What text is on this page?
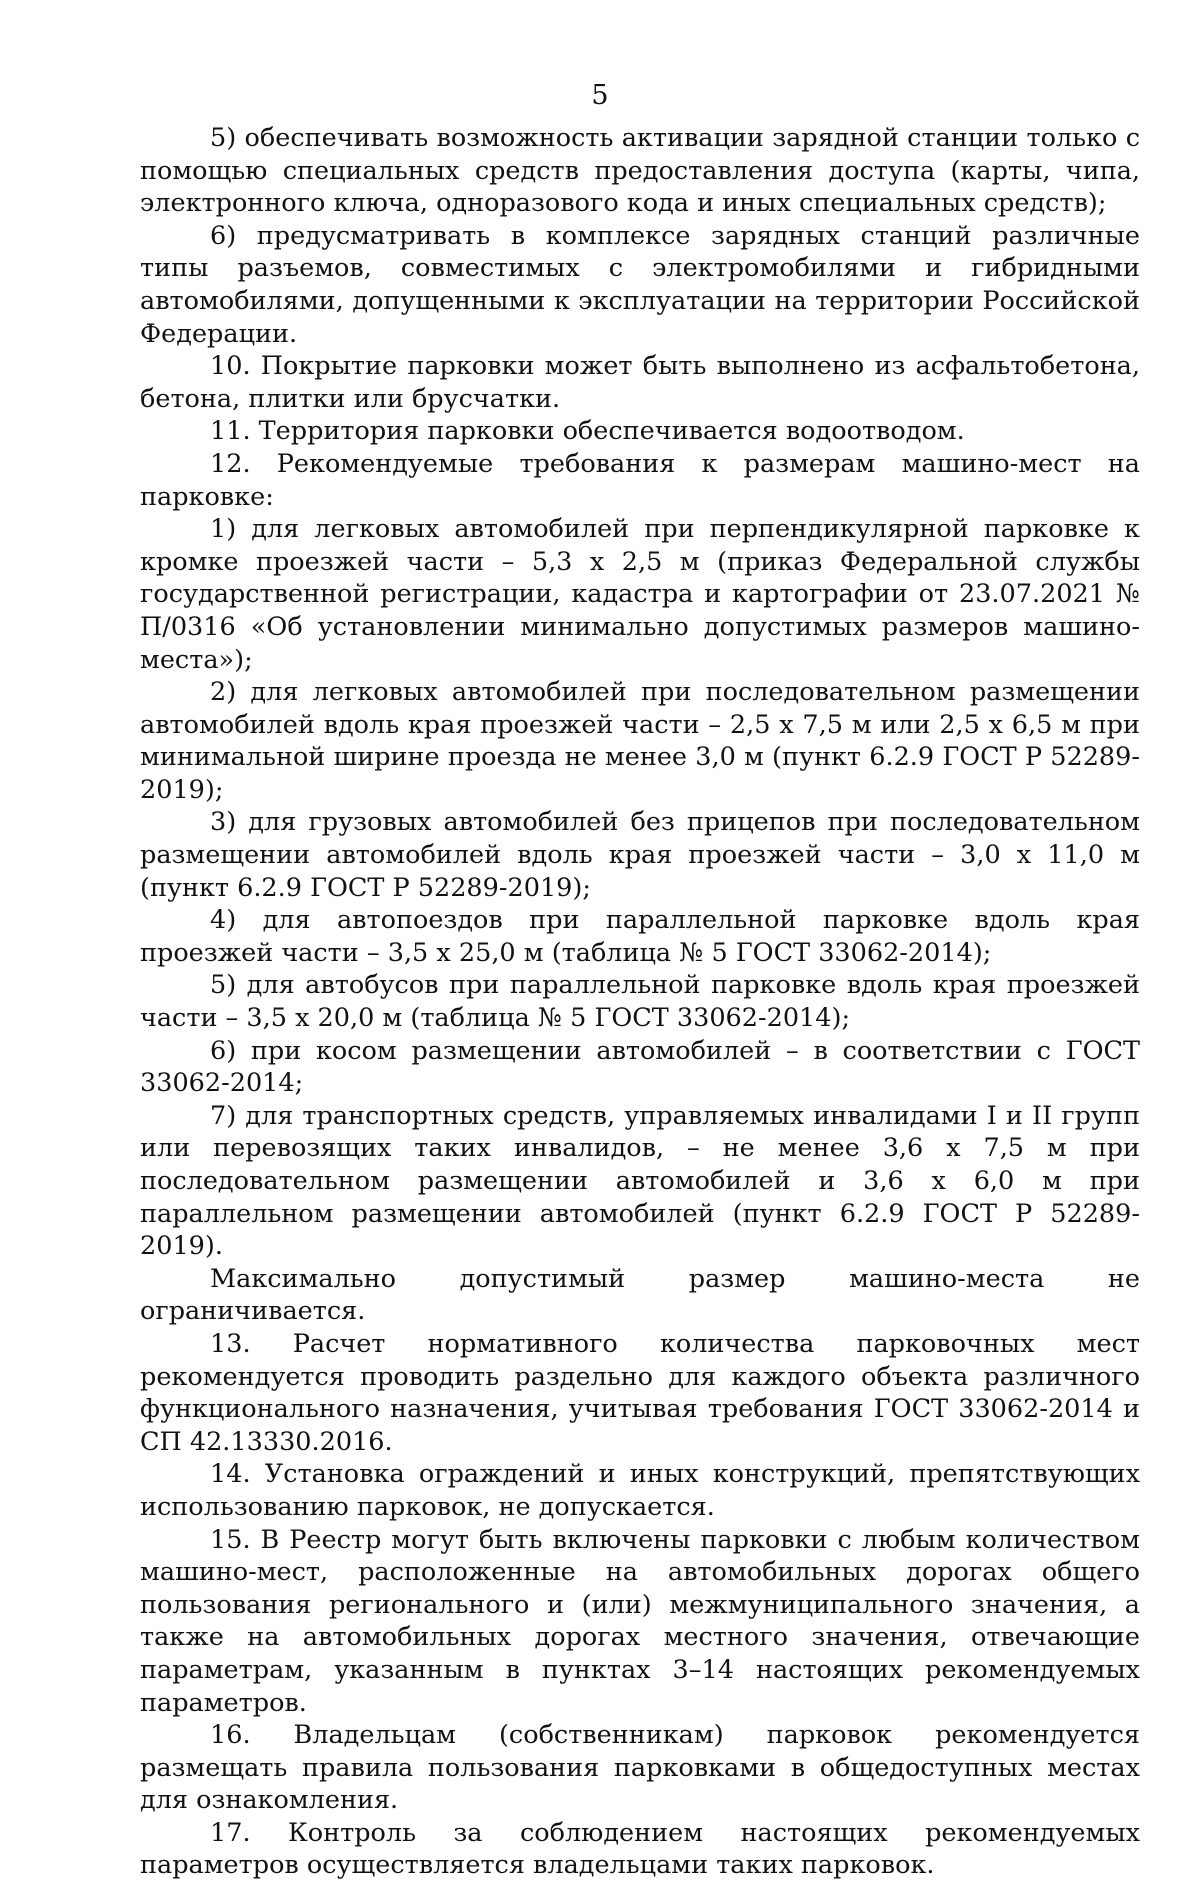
5

5) обеспечивать возможность активации зарядной станции только с помощью специальных средств предоставления доступа (карты, чипа, электронного ключа, одноразового кода и иных специальных средств);

6) предусматривать в комплексе зарядных станций различные типы разъемов, совместимых с электромобилями и гибридными автомобилями, допущенными к эксплуатации на территории Российской Федерации.

10. Покрытие парковки может быть выполнено из асфальтобетона, бетона, плитки или брусчатки.

11. Территория парковки обеспечивается водоотводом.

12. Рекомендуемые требования к размерам машино-мест на парковке:

1) для легковых автомобилей при перпендикулярной парковке к кромке проезжей части – 5,3 х 2,5 м (приказ Федеральной службы государственной регистрации, кадастра и картографии от 23.07.2021 № П/0316 «Об установлении минимально допустимых размеров машино-места»);

2) для легковых автомобилей при последовательном размещении автомобилей вдоль края проезжей части – 2,5 х 7,5 м или 2,5 х 6,5 м при минимальной ширине проезда не менее 3,0 м (пункт 6.2.9 ГОСТ Р 52289-2019);

3) для грузовых автомобилей без прицепов при последовательном размещении автомобилей вдоль края проезжей части – 3,0 х 11,0 м (пункт 6.2.9 ГОСТ Р 52289-2019);

4) для автопоездов при параллельной парковке вдоль края проезжей части – 3,5 х 25,0 м (таблица № 5 ГОСТ 33062-2014);

5) для автобусов при параллельной парковке вдоль края проезжей части – 3,5 х 20,0 м (таблица № 5 ГОСТ 33062-2014);

6) при косом размещении автомобилей – в соответствии с ГОСТ 33062-2014;

7) для транспортных средств, управляемых инвалидами I и II групп или перевозящих таких инвалидов, – не менее 3,6 х 7,5 м при последовательном размещении автомобилей и 3,6 х 6,0 м при параллельном размещении автомобилей (пункт 6.2.9 ГОСТ Р 52289-2019).

Максимально допустимый размер машино-места не ограничивается.

13. Расчет нормативного количества парковочных мест рекомендуется проводить раздельно для каждого объекта различного функционального назначения, учитывая требования ГОСТ 33062-2014 и СП 42.13330.2016.

14. Установка ограждений и иных конструкций, препятствующих использованию парковок, не допускается.

15. В Реестр могут быть включены парковки с любым количеством машино-мест, расположенные на автомобильных дорогах общего пользования регионального и (или) межмуниципального значения, а также на автомобильных дорогах местного значения, отвечающие параметрам, указанным в пунктах 3–14 настоящих рекомендуемых параметров.

16. Владельцам (собственникам) парковок рекомендуется размещать правила пользования парковками в общедоступных местах для ознакомления.

17. Контроль за соблюдением настоящих рекомендуемых параметров осуществляется владельцами таких парковок.
